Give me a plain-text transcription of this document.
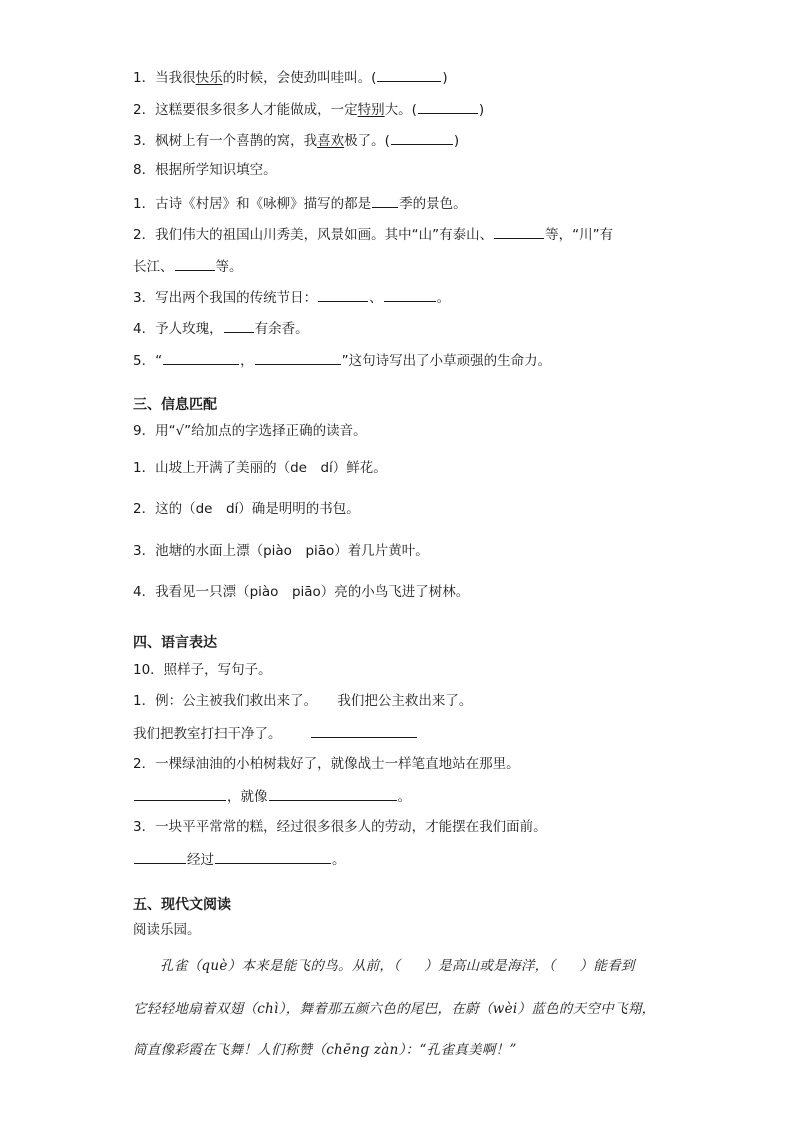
1．当我很快乐的时候，会使劲叫哇叫。(	)
2．这糕要很多很多人才能做成，一定特别大。(	)
3．枫树上有一个喜鹊的窝，我喜欢极了。(	)
8．根据所学知识填空。
1．古诗《村居》和《咏柳》描写的都是 季的景色。
2．我们伟大的祖国山川秀美，风景如画。其中“山”有泰山、	等，“川”有
长江、	等。
3．写出两个我国的传统节日：	、	。
4．予人玫瑰， 有余香。
5．“	，	”这句诗写出了小草顽强的生命力。
三、信息匹配
9．用“√”给加点的字选择正确的读音。
1．山坡上开满了美丽的（de　dí）鲜花。
2．这的（de　dí）确是明明的书包。
3．池塘的水面上漂（piào　piāo）着几片黄叶。
4．我看见一只漂（piào　piāo）亮的小鸟飞进了树林。
四、语言表达
10．照样子，写句子。
1．例：公主被我们救出来了。　　我们把公主救出来了。
我们把教室打扫干净了。
2．一棵绿油油的小柏树栽好了，就像战士一样笔直地站在那里。
，就像	。
3．一块平平常常的糕，经过很多很多人的劳动，才能摆在我们面前。
经过	。
五、现代文阅读
阅读乐园。
孔雀（què）本来是能飞的鸟。从前，（ ）是高山或是海洋，（ ）能看到
它轻轻地扇着双翅（chì），舞着那五颜六色的尾巴，在蔚（wèi）蓝色的天空中飞翔，
简直像彩霞在飞舞！人们称赞（chēnɡ zàn）：“孔雀真美啊！”
